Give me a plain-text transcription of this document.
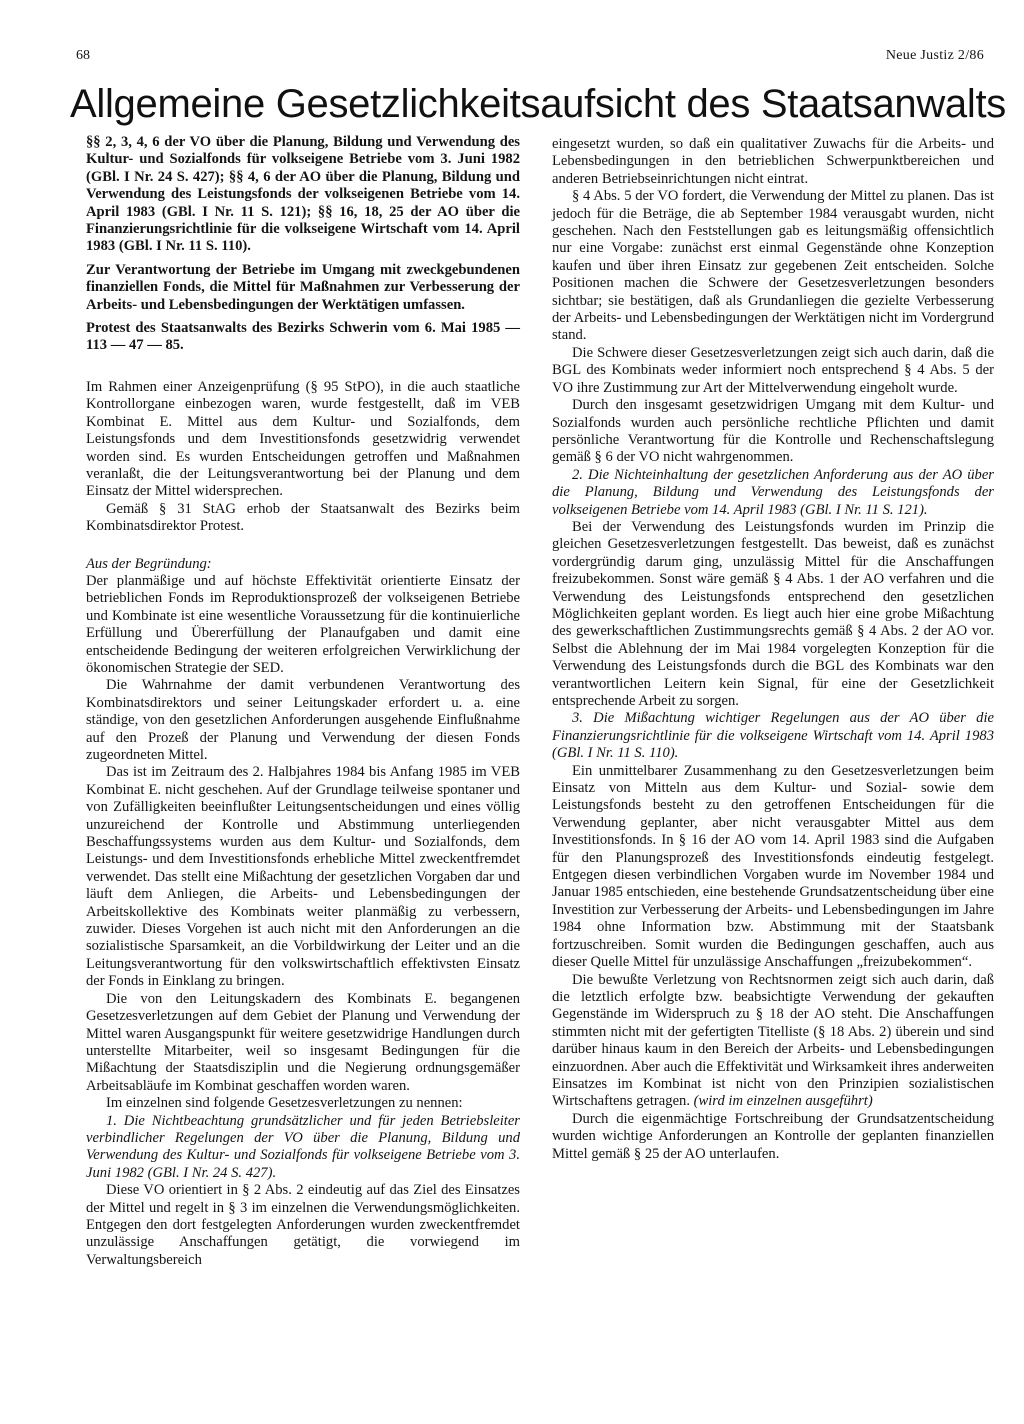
68	Neue Justiz 2/86
Allgemeine Gesetzlichkeitsaufsicht des Staatsanwalts

§§ 2, 3, 4, 6 der VO über die Planung, Bildung und Verwendung des Kultur- und Sozialfonds für volkseigene Betriebe vom 3. Juni 1982 (GBl. I Nr. 24 S. 427); §§ 4, 6 der AO über die Planung, Bildung und Verwendung des Leistungsfonds der volkseigenen Betriebe vom 14. April 1983 (GBl. I Nr. 11 S. 121); §§ 16, 18, 25 der AO über die Finanzierungsrichtlinie für die volkseigene Wirtschaft vom 14. April 1983 (GBl. I Nr. 11 S. 110).

Zur Verantwortung der Betriebe im Umgang mit zweckgebundenen finanziellen Fonds, die Mittel für Maßnahmen zur Verbesserung der Arbeits- und Lebensbedingungen der Werktätigen umfassen.

Protest des Staatsanwalts des Bezirks Schwerin vom 6. Mai 1985 — 113 — 47 — 85.

Im Rahmen einer Anzeigenprüfung (§ 95 StPO), in die auch staatliche Kontrollorgane einbezogen waren, wurde festgestellt, daß im VEB Kombinat E. Mittel aus dem Kultur- und Sozialfonds, dem Leistungsfonds und dem Investitionsfonds gesetzwidrig verwendet worden sind. Es wurden Entscheidungen getroffen und Maßnahmen veranlaßt, die der Leitungsverantwortung bei der Planung und dem Einsatz der Mittel widersprechen.

Gemäß § 31 StAG erhob der Staatsanwalt des Bezirks beim Kombinatsdirektor Protest.

Aus der Begründung:

Der planmäßige und auf höchste Effektivität orientierte Einsatz der betrieblichen Fonds im Reproduktionsprozeß der volkseigenen Betriebe und Kombinate ist eine wesentliche Voraussetzung für die kontinuierliche Erfüllung und Übererfüllung der Planaufgaben und damit eine entscheidende Bedingung der weiteren erfolgreichen Verwirklichung der ökonomischen Strategie der SED.

Die Wahrnahme der damit verbundenen Verantwortung des Kombinatsdirektors und seiner Leitungskader erfordert u. a. eine ständige, von den gesetzlichen Anforderungen ausgehende Einflußnahme auf den Prozeß der Planung und Verwendung der diesen Fonds zugeordneten Mittel.

Das ist im Zeitraum des 2. Halbjahres 1984 bis Anfang 1985 im VEB Kombinat E. nicht geschehen. Auf der Grundlage teilweise spontaner und von Zufälligkeiten beeinflußter Leitungsentscheidungen und eines völlig unzureichend der Kontrolle und Abstimmung unterliegenden Beschaffungssystems wurden aus dem Kultur- und Sozialfonds, dem Leistungs- und dem Investitionsfonds erhebliche Mittel zweckentfremdet verwendet. Das stellt eine Mißachtung der gesetzlichen Vorgaben dar und läuft dem Anliegen, die Arbeits- und Lebensbedingungen der Arbeitskollektive des Kombinats weiter planmäßig zu verbessern, zuwider. Dieses Vorgehen ist auch nicht mit den Anforderungen an die sozialistische Sparsamkeit, an die Vorbildwirkung der Leiter und an die Leitungsverantwortung für den volkswirtschaftlich effektivsten Einsatz der Fonds in Einklang zu bringen.

Die von den Leitungskadern des Kombinats E. begangenen Gesetzesverletzungen auf dem Gebiet der Planung und Verwendung der Mittel waren Ausgangspunkt für weitere gesetzwidrige Handlungen durch unterstellte Mitarbeiter, weil so insgesamt Bedingungen für die Mißachtung der Staatsdisziplin und die Negierung ordnungsgemäßer Arbeitsabläufe im Kombinat geschaffen worden waren.

Im einzelnen sind folgende Gesetzesverletzungen zu nennen:

1. Die Nichtbeachtung grundsätzlicher und für jeden Betriebsleiter verbindlicher Regelungen der VO über die Planung, Bildung und Verwendung des Kultur- und Sozialfonds für volkseigene Betriebe vom 3. Juni 1982 (GBl. I Nr. 24 S. 427).

Diese VO orientiert in § 2 Abs. 2 eindeutig auf das Ziel des Einsatzes der Mittel und regelt in § 3 im einzelnen die Verwendungsmöglichkeiten. Entgegen den dort festgelegten Anforderungen wurden zweckentfremdet unzulässige Anschaffungen getätigt, die vorwiegend im Verwaltungsbereich

eingesetzt wurden, so daß ein qualitativer Zuwachs für die Arbeits- und Lebensbedingungen in den betrieblichen Schwerpunktbereichen und anderen Betriebseinrichtungen nicht eintrat.

§ 4 Abs. 5 der VO fordert, die Verwendung der Mittel zu planen. Das ist jedoch für die Beträge, die ab September 1984 verausgabt wurden, nicht geschehen. Nach den Feststellungen gab es leitungsmäßig offensichtlich nur eine Vorgabe: zunächst erst einmal Gegenstände ohne Konzeption kaufen und über ihren Einsatz zur gegebenen Zeit entscheiden. Solche Positionen machen die Schwere der Gesetzesverletzungen besonders sichtbar; sie bestätigen, daß als Grundanliegen die gezielte Verbesserung der Arbeits- und Lebensbedingungen der Werktätigen nicht im Vordergrund stand.

Die Schwere dieser Gesetzesverletzungen zeigt sich auch darin, daß die BGL des Kombinats weder informiert noch entsprechend § 4 Abs. 5 der VO ihre Zustimmung zur Art der Mittelverwendung eingeholt wurde.

Durch den insgesamt gesetzwidrigen Umgang mit dem Kultur- und Sozialfonds wurden auch persönliche rechtliche Pflichten und damit persönliche Verantwortung für die Kontrolle und Rechenschaftslegung gemäß § 6 der VO nicht wahrgenommen.

2. Die Nichteinhaltung der gesetzlichen Anforderung aus der AO über die Planung, Bildung und Verwendung des Leistungsfonds der volkseigenen Betriebe vom 14. April 1983 (GBl. I Nr. 11 S. 121).

Bei der Verwendung des Leistungsfonds wurden im Prinzip die gleichen Gesetzesverletzungen festgestellt. Das beweist, daß es zunächst vordergründig darum ging, unzulässig Mittel für die Anschaffungen freizubekommen. Sonst wäre gemäß § 4 Abs. 1 der AO verfahren und die Verwendung des Leistungsfonds entsprechend den gesetzlichen Möglichkeiten geplant worden. Es liegt auch hier eine grobe Mißachtung des gewerkschaftlichen Zustimmungsrechts gemäß § 4 Abs. 2 der AO vor. Selbst die Ablehnung der im Mai 1984 vorgelegten Konzeption für die Verwendung des Leistungsfonds durch die BGL des Kombinats war den verantwortlichen Leitern kein Signal, für eine der Gesetzlichkeit entsprechende Arbeit zu sorgen.

3. Die Mißachtung wichtiger Regelungen aus der AO über die Finanzierungsrichtlinie für die volkseigene Wirtschaft vom 14. April 1983 (GBl. I Nr. 11 S. 110).

Ein unmittelbarer Zusammenhang zu den Gesetzesverletzungen beim Einsatz von Mitteln aus dem Kultur- und Sozial- sowie dem Leistungsfonds besteht zu den getroffenen Entscheidungen für die Verwendung geplanter, aber nicht verausgabter Mittel aus dem Investitionsfonds. In § 16 der AO vom 14. April 1983 sind die Aufgaben für den Planungsprozeß des Investitionsfonds eindeutig festgelegt. Entgegen diesen verbindlichen Vorgaben wurde im November 1984 und Januar 1985 entschieden, eine bestehende Grundsatzentscheidung über eine Investition zur Verbesserung der Arbeits- und Lebensbedingungen im Jahre 1984 ohne Information bzw. Abstimmung mit der Staatsbank fortzuschreiben. Somit wurden die Bedingungen geschaffen, auch aus dieser Quelle Mittel für unzulässige Anschaffungen „freizubekommen“.

Die bewußte Verletzung von Rechtsnormen zeigt sich auch darin, daß die letztlich erfolgte bzw. beabsichtigte Verwendung der gekauften Gegenstände im Widerspruch zu § 18 der AO steht. Die Anschaffungen stimmten nicht mit der gefertigten Titelliste (§ 18 Abs. 2) überein und sind darüber hinaus kaum in den Bereich der Arbeits- und Lebensbedingungen einzuordnen. Aber auch die Effektivität und Wirksamkeit ihres anderweiten Einsatzes im Kombinat ist nicht von den Prinzipien sozialistischen Wirtschaftens getragen. (wird im einzelnen ausgeführt)

Durch die eigenmächtige Fortschreibung der Grundsatzentscheidung wurden wichtige Anforderungen an Kontrolle der geplanten finanziellen Mittel gemäß § 25 der AO unterlaufen.
